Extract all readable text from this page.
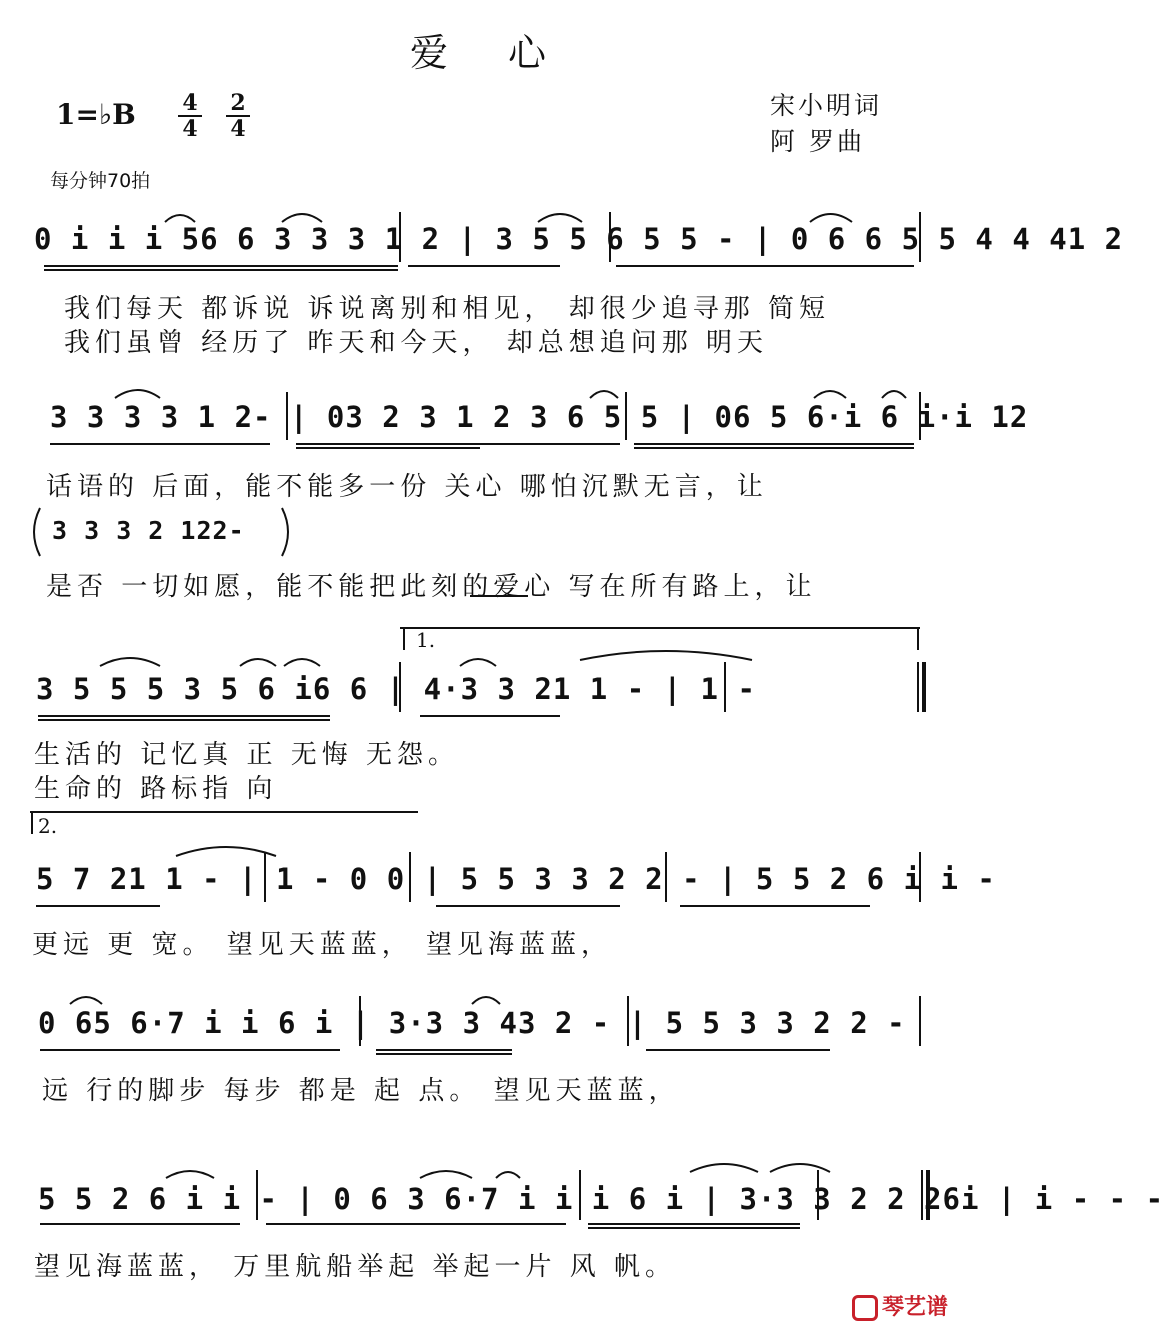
爱 心
1=♭B 4
4
2
4
宋小明词
阿 罗曲
每分钟70拍
0 i i i 56 6 3 3 3 1 2 | 3 5 5 6 5 5 - | 0 6 6 5 5 4 4 41 2
我们每天 都诉说 诉说离别和相见， 却很少追寻那 简短
我们虽曾 经历了 昨天和今天， 却总想追问那 明天
3 3 3 3 1 2- | 03 2 3 1 2 3 6 5 5 | 06 5 6·i 6 i·i 12
话语的 后面，能不能多一份 关心 哪怕沉默无言，让
3 3 3 2 122-
是否 一切如愿，能不能把此刻的爱心 写在所有路上，让
1.
3 5 5 5 3 5 6 i6 6 | 4·3 3 21 1 - | 1 -
生活的 记忆真 正 无悔 无怨。
生命的 路标指 向
2.
5 7 21 1 - | 1 - 0 0 | 5 5 3 3 2 2 - | 5 5 2 6 i i -
更远 更 宽。 望见天蓝蓝， 望见海蓝蓝，
0 65 6·7 i i 6 i | 3·3 3 43 2 - | 5 5 3 3 2 2 -
远 行的脚步 每步 都是 起 点。 望见天蓝蓝，
5 5 2 6 i i - | 0 6 3 6·7 i i i 6 i | 3·3 3 2 2 26i | i - - -
望见海蓝蓝， 万里航船举起 举起一片 风 帆。
琴艺谱
